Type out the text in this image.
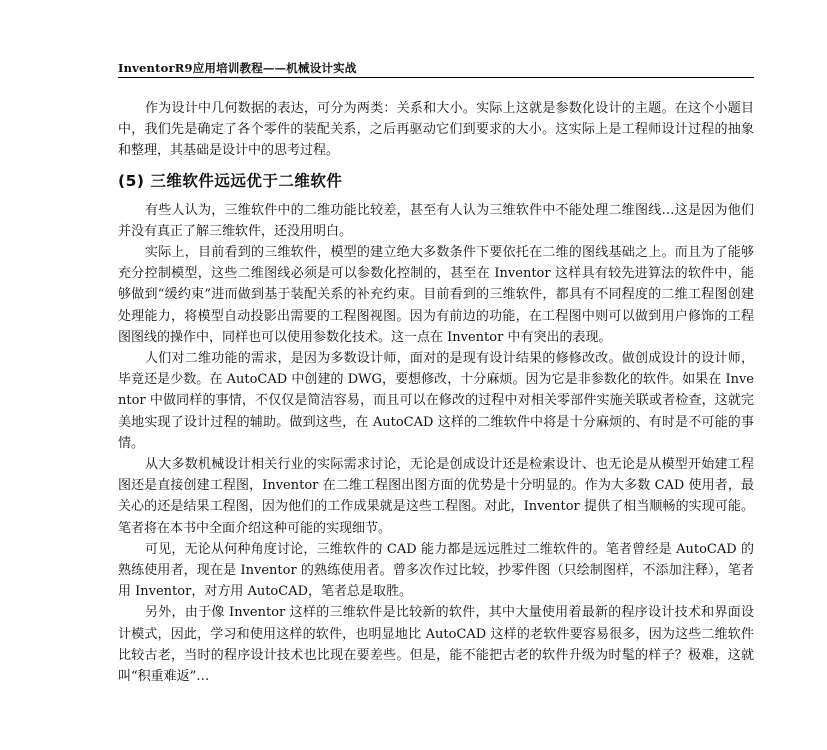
InventorR9应用培训教程——机械设计实战

作为设计中几何数据的表达，可分为两类：关系和大小。实际上这就是参数化设计的主题。在这个小题目中，我们先是确定了各个零件的装配关系，之后再驱动它们到要求的大小。这实际上是工程师设计过程的抽象和整理，其基础是设计中的思考过程。

(5) 三维软件远远优于二维软件

有些人认为，三维软件中的二维功能比较差，甚至有人认为三维软件中不能处理二维图线…这是因为他们并没有真正了解三维软件，还没用明白。

实际上，目前看到的三维软件，模型的建立绝大多数条件下要依托在二维的图线基础之上。而且为了能够充分控制模型，这些二维图线必须是可以参数化控制的，甚至在 Inventor 这样具有较先进算法的软件中，能够做到“缓约束”进而做到基于装配关系的补充约束。目前看到的三维软件，都具有不同程度的二维工程图创建处理能力，将模型自动投影出需要的工程图视图。因为有前边的功能，在工程图中则可以做到用户修饰的工程图图线的操作中，同样也可以使用参数化技术。这一点在 Inventor 中有突出的表现。

人们对二维功能的需求，是因为多数设计师，面对的是现有设计结果的修修改改。做创成设计的设计师，毕竟还是少数。在 AutoCAD 中创建的 DWG，要想修改，十分麻烦。因为它是非参数化的软件。如果在 Inventor 中做同样的事情，不仅仅是简洁容易，而且可以在修改的过程中对相关零部件实施关联或者检查，这就完美地实现了设计过程的辅助。做到这些，在 AutoCAD 这样的二维软件中将是十分麻烦的、有时是不可能的事情。

从大多数机械设计相关行业的实际需求讨论，无论是创成设计还是检索设计、也无论是从模型开始建工程图还是直接创建工程图，Inventor 在二维工程图出图方面的优势是十分明显的。作为大多数 CAD 使用者，最关心的还是结果工程图，因为他们的工作成果就是这些工程图。对此，Inventor 提供了相当顺畅的实现可能。笔者将在本书中全面介绍这种可能的实现细节。

可见，无论从何种角度讨论，三维软件的 CAD 能力都是远远胜过二维软件的。笔者曾经是 AutoCAD 的熟练使用者，现在是 Inventor 的熟练使用者。曾多次作过比较，抄零件图（只绘制图样，不添加注释），笔者用 Inventor，对方用 AutoCAD，笔者总是取胜。

另外，由于像 Inventor 这样的三维软件是比较新的软件，其中大量使用着最新的程序设计技术和界面设计模式，因此，学习和使用这样的软件，也明显地比 AutoCAD 这样的老软件要容易很多，因为这些二维软件比较古老，当时的程序设计技术也比现在要差些。但是，能不能把古老的软件升级为时髦的样子？极难，这就叫“积重难返”…
